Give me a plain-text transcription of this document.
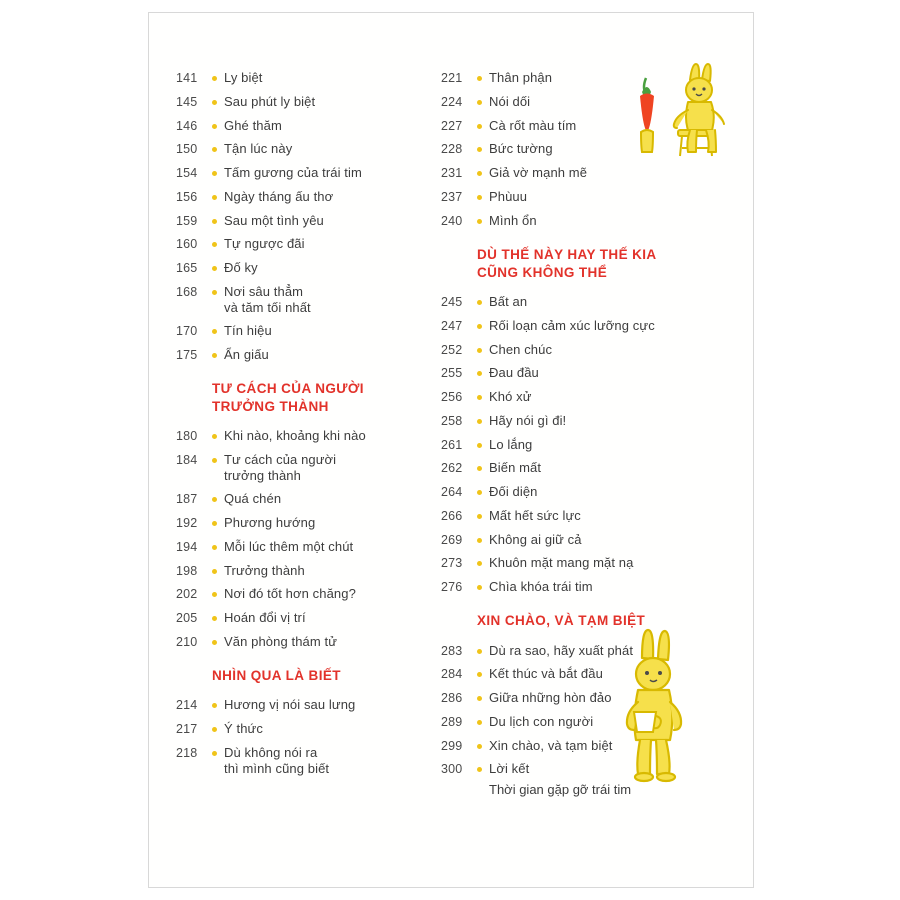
141	Ly biệt
145	Sau phút ly biệt
146	Ghé thăm
150	Tận lúc này
154	Tấm gương của trái tim
156	Ngày tháng ấu thơ
159	Sau một tình yêu
160	Tự ngược đãi
165	Đố ky
168	Nơi sâu thẳm
và tăm tối nhất
170	Tín hiệu
175	Ẩn giấu
TƯ CÁCH CỦA NGƯỜI
TRƯỞNG THÀNH
180	Khi nào, khoảng khi nào
184	Tư cách của người
trưởng thành
187	Quá chén
192	Phương hướng
194	Mỗi lúc thêm một chút
198	Trưởng thành
202	Nơi đó tốt hơn chăng?
205	Hoán đổi vị trí
210	Văn phòng thám tử
NHÌN QUA LÀ BIẾT
214	Hương vị nói sau lưng
217	Ý thức
218	Dù không nói ra
thì mình cũng biết
221	Thân phận
224	Nói dối
227	Cà rốt màu tím
228	Bức tường
231	Giả vờ mạnh mẽ
237	Phùuu
240	Mình ổn
DÙ THẾ NÀY HAY THẾ KIA
CŨNG KHÔNG THỂ
245	Bất an
247	Rối loạn cảm xúc lưỡng cực
252	Chen chúc
255	Đau đầu
256	Khó xử
258	Hãy nói gì đi!
261	Lo lắng
262	Biến mất
264	Đối diện
266	Mất hết sức lực
269	Không ai giữ cả
273	Khuôn mặt mang mặt nạ
276	Chìa khóa trái tim
XIN CHÀO, VÀ TẠM BIỆT
283	Dù ra sao, hãy xuất phát
284	Kết thúc và bắt đầu
286	Giữa những hòn đảo
289	Du lịch con người
299	Xin chào, và tạm biệt
300	Lời kết
Thời gian gặp gỡ trái tim
